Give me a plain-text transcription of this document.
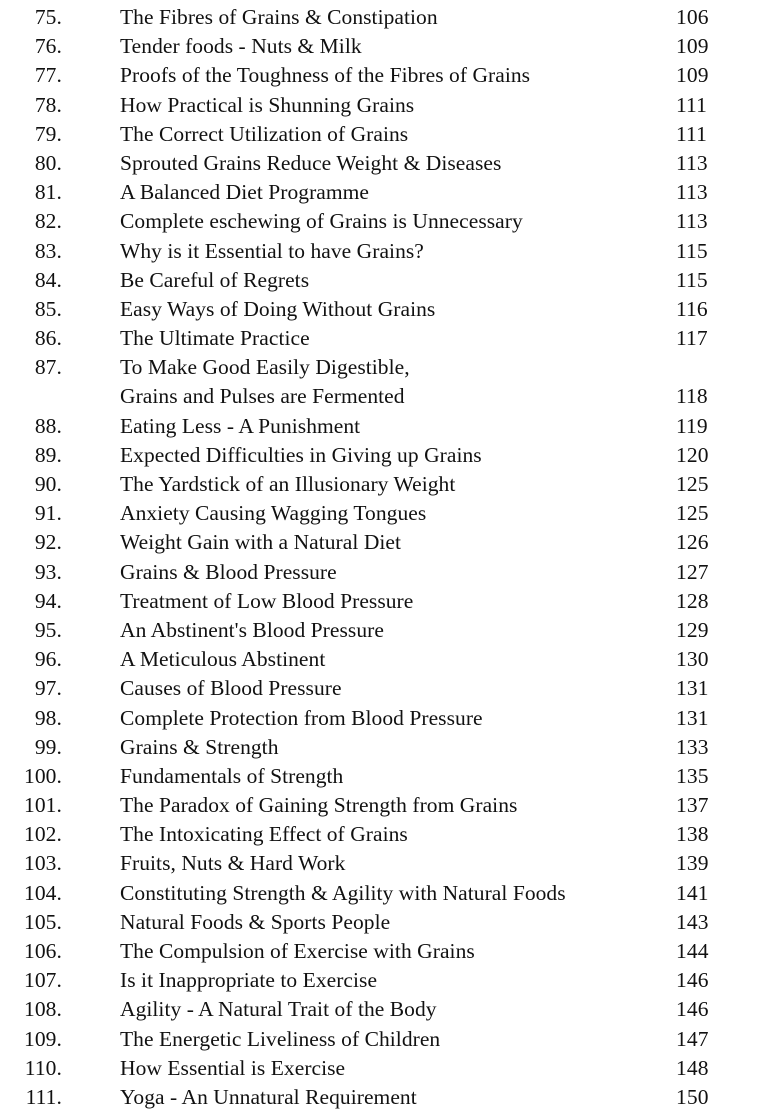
75.	The Fibres of Grains & Constipation	106
76.	Tender foods - Nuts & Milk	109
77.	Proofs of the Toughness of the Fibres of Grains	109
78.	How Practical is Shunning Grains	111
79.	The Correct Utilization of Grains	111
80.	Sprouted Grains Reduce Weight & Diseases	113
81.	A Balanced Diet Programme	113
82.	Complete eschewing of Grains is Unnecessary	113
83.	Why is it Essential to have Grains?	115
84.	Be Careful of Regrets	115
85.	Easy Ways of Doing Without Grains	116
86.	The Ultimate Practice	117
87.	To Make Good Easily Digestible,
Grains and Pulses are Fermented	118
88.	Eating Less - A Punishment	119
89.	Expected Difficulties in Giving up Grains	120
90.	The Yardstick of an Illusionary Weight	125
91.	Anxiety Causing Wagging Tongues	125
92.	Weight Gain with a Natural Diet	126
93.	Grains & Blood Pressure	127
94.	Treatment of Low Blood Pressure	128
95.	An Abstinent's Blood Pressure	129
96.	A Meticulous Abstinent	130
97.	Causes of Blood Pressure	131
98.	Complete Protection from Blood Pressure	131
99.	Grains & Strength	133
100.	Fundamentals of Strength	135
101.	The Paradox of Gaining Strength from Grains	137
102.	The Intoxicating Effect of Grains	138
103.	Fruits, Nuts & Hard Work	139
104.	Constituting Strength & Agility with Natural Foods	141
105.	Natural Foods & Sports People	143
106.	The Compulsion of Exercise with Grains	144
107.	Is it Inappropriate to Exercise	146
108.	Agility - A Natural Trait of the Body	146
109.	The Energetic Liveliness of Children	147
110.	How Essential is Exercise	148
111.	Yoga - An Unnatural Requirement	150
